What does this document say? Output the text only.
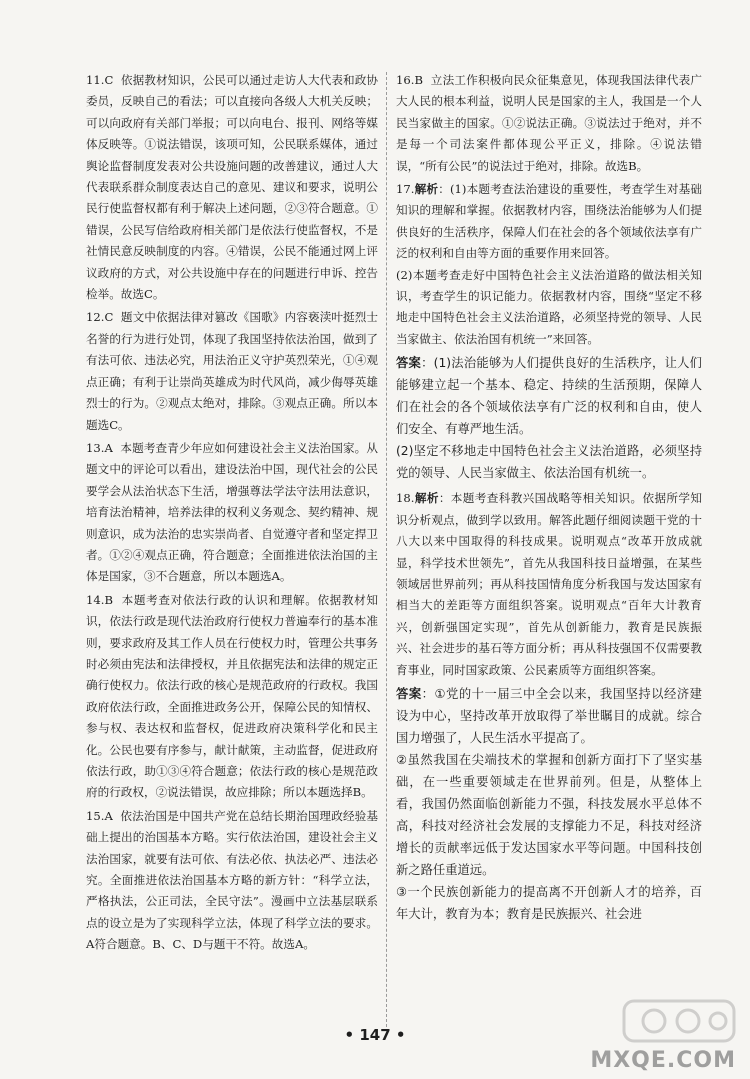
11.C 依据教材知识，公民可以通过走访人大代表和政协委员，反映自己的看法；可以直接向各级人大机关反映；可以向政府有关部门举报；可以向电台、报刊、网络等媒体反映等。①说法错误，该项可知，公民联系媒体，通过舆论监督制度发表对公共设施问题的改善建议，通过人大代表联系群众制度表达自己的意见、建议和要求，说明公民行使监督权都有利于解决上述问题，②③符合题意。①错误，公民写信给政府相关部门是依法行使监督权，不是社情民意反映制度的内容。④错误，公民不能通过网上评议政府的方式，对公共设施中存在的问题进行申诉、控告检举。故选C。
12.C 题文中依据法律对篡改《国歌》内容亵渎叶挺烈士名誉的行为进行处罚，体现了我国坚持依法治国，做到了有法可依、违法必究，用法治正义守护英烈荣光，①④观点正确；有利于让崇尚英雄成为时代风尚，减少侮辱英雄烈士的行为。②观点太绝对，排除。③观点正确。所以本题选C。
13.A 本题考查青少年应如何建设社会主义法治国家。从题文中的评论可以看出，建设法治中国，现代社会的公民要学会从法治状态下生活，增强尊法学法守法用法意识，培育法治精神，培养法律的权利义务观念、契约精神、规则意识，成为法治的忠实崇尚者、自觉遵守者和坚定捍卫者。①②④观点正确，符合题意；全面推进依法治国的主体是国家，③不合题意，所以本题选A。
14.B 本题考查对依法行政的认识和理解。依据教材知识，依法行政是现代法治政府行使权力普遍奉行的基本准则，要求政府及其工作人员在行使权力时，管理公共事务时必须由宪法和法律授权，并且依据宪法和法律的规定正确行使权力。依法行政的核心是规范政府的行政权。我国政府依法行政，全面推进政务公开，保障公民的知情权、参与权、表达权和监督权，促进政府决策科学化和民主化。公民也要有序参与，献计献策，主动监督，促进政府依法行政，助①③④符合题意；依法行政的核心是规范政府的行政权，②说法错误，故应排除；所以本题选择B。
15.A 依法治国是中国共产党在总结长期治国理政经验基础上提出的治国基本方略。实行依法治国，建设社会主义法治国家，就要有法可依、有法必依、执法必严、违法必究。全面推进依法治国基本方略的新方针：“科学立法，严格执法，公正司法，全民守法”。漫画中立法基层联系点的设立是为了实现科学立法，体现了科学立法的要求。A符合题意。B、C、D与题干不符。故选A。
16.B 立法工作积极向民众征集意见，体现我国法律代表广大人民的根本利益，说明人民是国家的主人，我国是一个人民当家做主的国家。①②说法正确。③说法过于绝对，并不是每一个司法案件都体现公平正义，排除。④说法错误，“所有公民”的说法过于绝对，排除。故选B。
17.解析：(1)本题考查法治建设的重要性，考查学生对基础知识的理解和掌握。依据教材内容，围绕法治能够为人们提供良好的生活秩序，保障人们在社会的各个领域依法享有广泛的权利和自由等方面的重要作用来回答。
(2)本题考查走好中国特色社会主义法治道路的做法相关知识，考查学生的识记能力。依据教材内容，围绕“坚定不移地走中国特色社会主义法治道路，必须坚持党的领导、人民当家做主、依法治国有机统一”来回答。

答案：(1)法治能够为人们提供良好的生活秩序，让人们能够建立起一个基本、稳定、持续的生活预期，保障人们在社会的各个领域依法享有广泛的权利和自由，使人们安全、有尊严地生活。

(2)坚定不移地走中国特色社会主义法治道路，必须坚持党的领导、人民当家做主、依法治国有机统一。

18.解析：本题考查科教兴国战略等相关知识。依据所学知识分析观点，做到学以致用。解答此题仔细阅读题干党的十八大以来中国取得的科技成果。说明观点“改革开放成就显，科学技术世领先”，首先从我国科技日益增强，在某些领域居世界前列；再从科技国情角度分析我国与发达国家有相当大的差距等方面组织答案。说明观点“百年大计教育兴，创新强国定实现”，首先从创新能力，教育是民族振兴、社会进步的基石等方面分析；再从科技强国不仅需要教育事业，同时国家政策、公民素质等方面组织答案。

答案：①党的十一届三中全会以来，我国坚持以经济建设为中心，坚持改革开放取得了举世瞩目的成就。综合国力增强了，人民生活水平提高了。

②虽然我国在尖端技术的掌握和创新方面打下了坚实基础，在一些重要领域走在世界前列。但是，从整体上看，我国仍然面临创新能力不强，科技发展水平总体不高，科技对经济社会发展的支撑能力不足，科技对经济增长的贡献率远低于发达国家水平等问题。中国科技创新之路任重道远。

③一个民族创新能力的提高离不开创新人才的培养，百年大计，教育为本；教育是民族振兴、社会进

• 147 •
MXQE.COM
